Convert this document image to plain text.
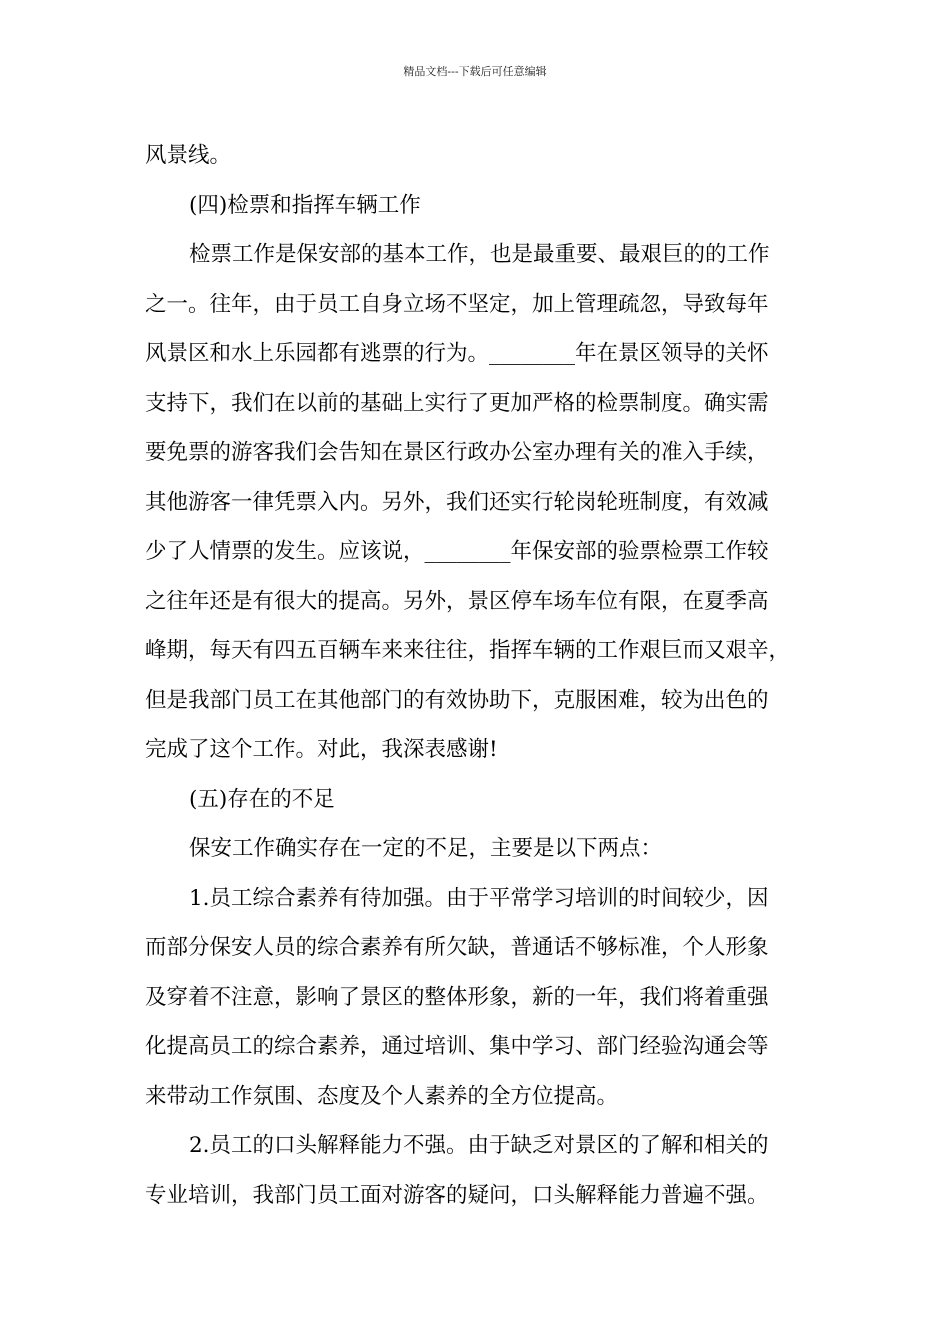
精品文档---下载后可任意编辑
风景线。
(四)检票和指挥车辆工作
检票工作是保安部的基本工作，也是最重要、最艰巨的的工作
之一。往年，由于员工自身立场不坚定，加上管理疏忽，导致每年
风景区和水上乐园都有逃票的行为。________年在景区领导的关怀
支持下，我们在以前的基础上实行了更加严格的检票制度。确实需
要免票的游客我们会告知在景区行政办公室办理有关的准入手续，
其他游客一律凭票入内。另外，我们还实行轮岗轮班制度，有效减
少了人情票的发生。应该说，________年保安部的验票检票工作较
之往年还是有很大的提高。另外，景区停车场车位有限，在夏季高
峰期，每天有四五百辆车来来往往，指挥车辆的工作艰巨而又艰辛，
但是我部门员工在其他部门的有效协助下，克服困难，较为出色的
完成了这个工作。对此，我深表感谢!
(五)存在的不足
保安工作确实存在一定的不足，主要是以下两点：
1.员工综合素养有待加强。由于平常学习培训的时间较少，因
而部分保安人员的综合素养有所欠缺，普通话不够标准，个人形象
及穿着不注意，影响了景区的整体形象，新的一年，我们将着重强
化提高员工的综合素养，通过培训、集中学习、部门经验沟通会等
来带动工作氛围、态度及个人素养的全方位提高。
2.员工的口头解释能力不强。由于缺乏对景区的了解和相关的
专业培训，我部门员工面对游客的疑问，口头解释能力普遍不强。
